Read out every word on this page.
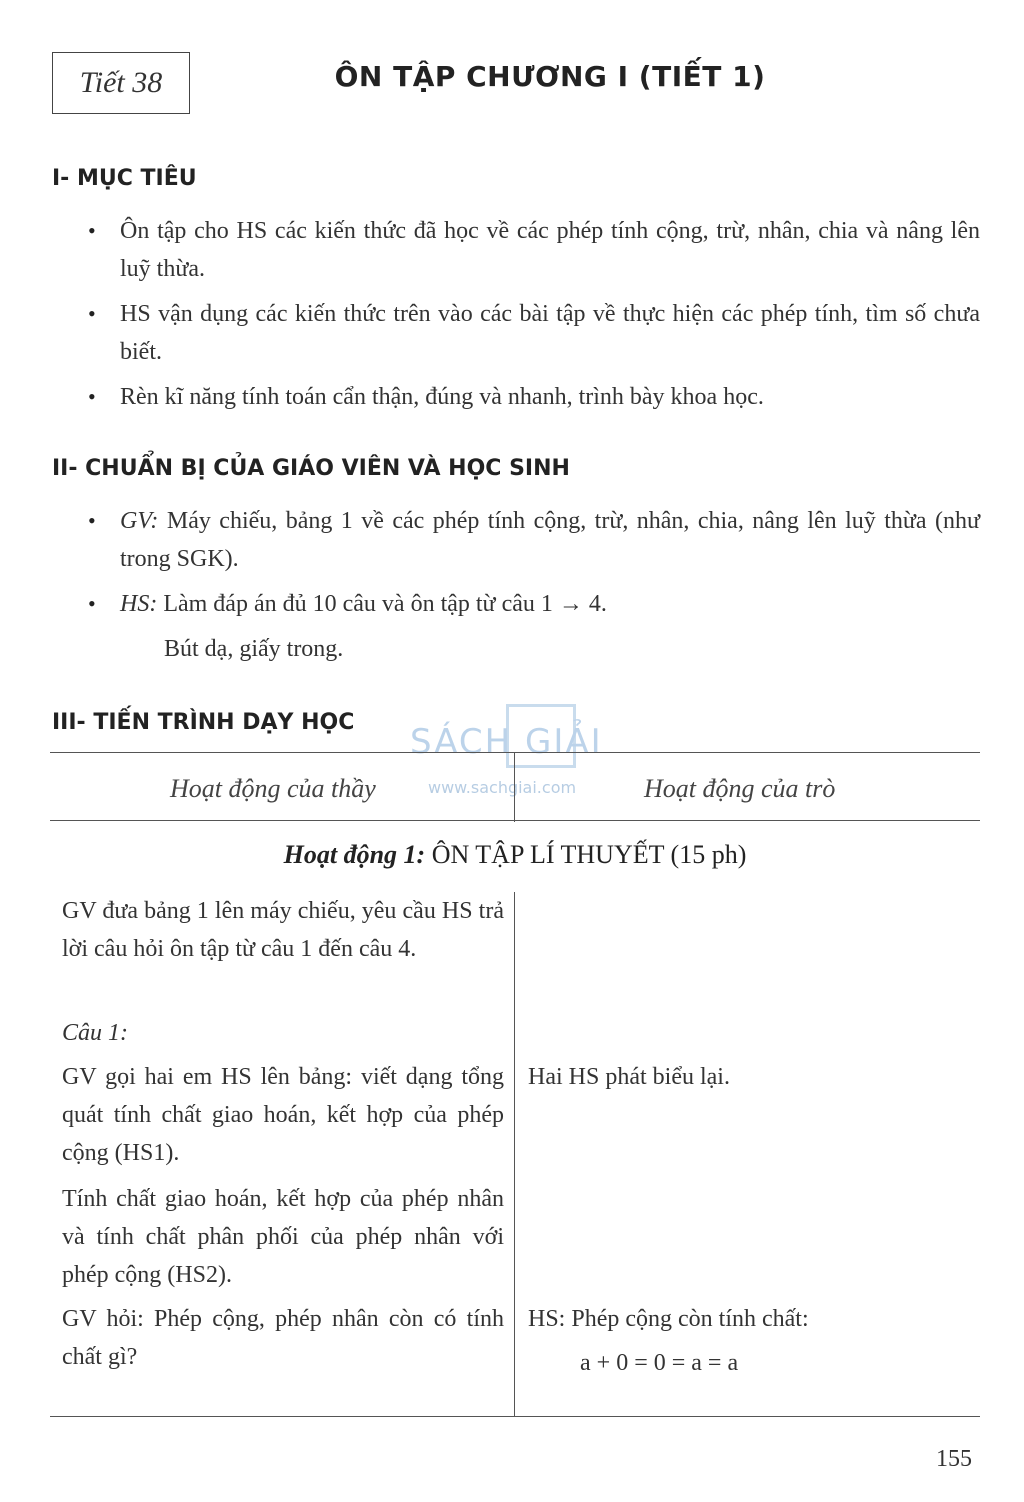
Tiết 38	ÔN TẬP CHƯƠNG I (TIẾT 1)
I- MỤC TIÊU
• Ôn tập cho HS các kiến thức đã học về các phép tính cộng, trừ, nhân, chia và nâng lên luỹ thừa.
• HS vận dụng các kiến thức trên vào các bài tập về thực hiện các phép tính, tìm số chưa biết.
• Rèn kĩ năng tính toán cẩn thận, đúng và nhanh, trình bày khoa học.
II- CHUẨN BỊ CỦA GIÁO VIÊN VÀ HỌC SINH
• GV: Máy chiếu, bảng 1 về các phép tính cộng, trừ, nhân, chia, nâng lên luỹ thừa (như trong SGK).
• HS: Làm đáp án đủ 10 câu và ôn tập từ câu 1 → 4.
Bút dạ, giấy trong.
III- TIẾN TRÌNH DẠY HỌC SÁCH GIẢI
www.sachgiai.com
Hoạt động của thầy	Hoạt động của trò

Hoạt động 1: ÔN TẬP LÍ THUYẾT (15 ph)

GV đưa bảng 1 lên máy chiếu, yêu cầu HS trả lời câu hỏi ôn tập từ câu 1 đến câu 4.
Câu 1:
GV gọi hai em HS lên bảng: viết dạng tổng quát tính chất giao hoán, kết hợp của phép cộng (HS1).
Tính chất giao hoán, kết hợp của phép nhân và tính chất phân phối của phép nhân với phép cộng (HS2).
GV hỏi: Phép cộng, phép nhân còn có tính chất gì?
Hai HS phát biểu lại.
HS: Phép cộng còn tính chất:
a + 0 = 0 = a = a
155
